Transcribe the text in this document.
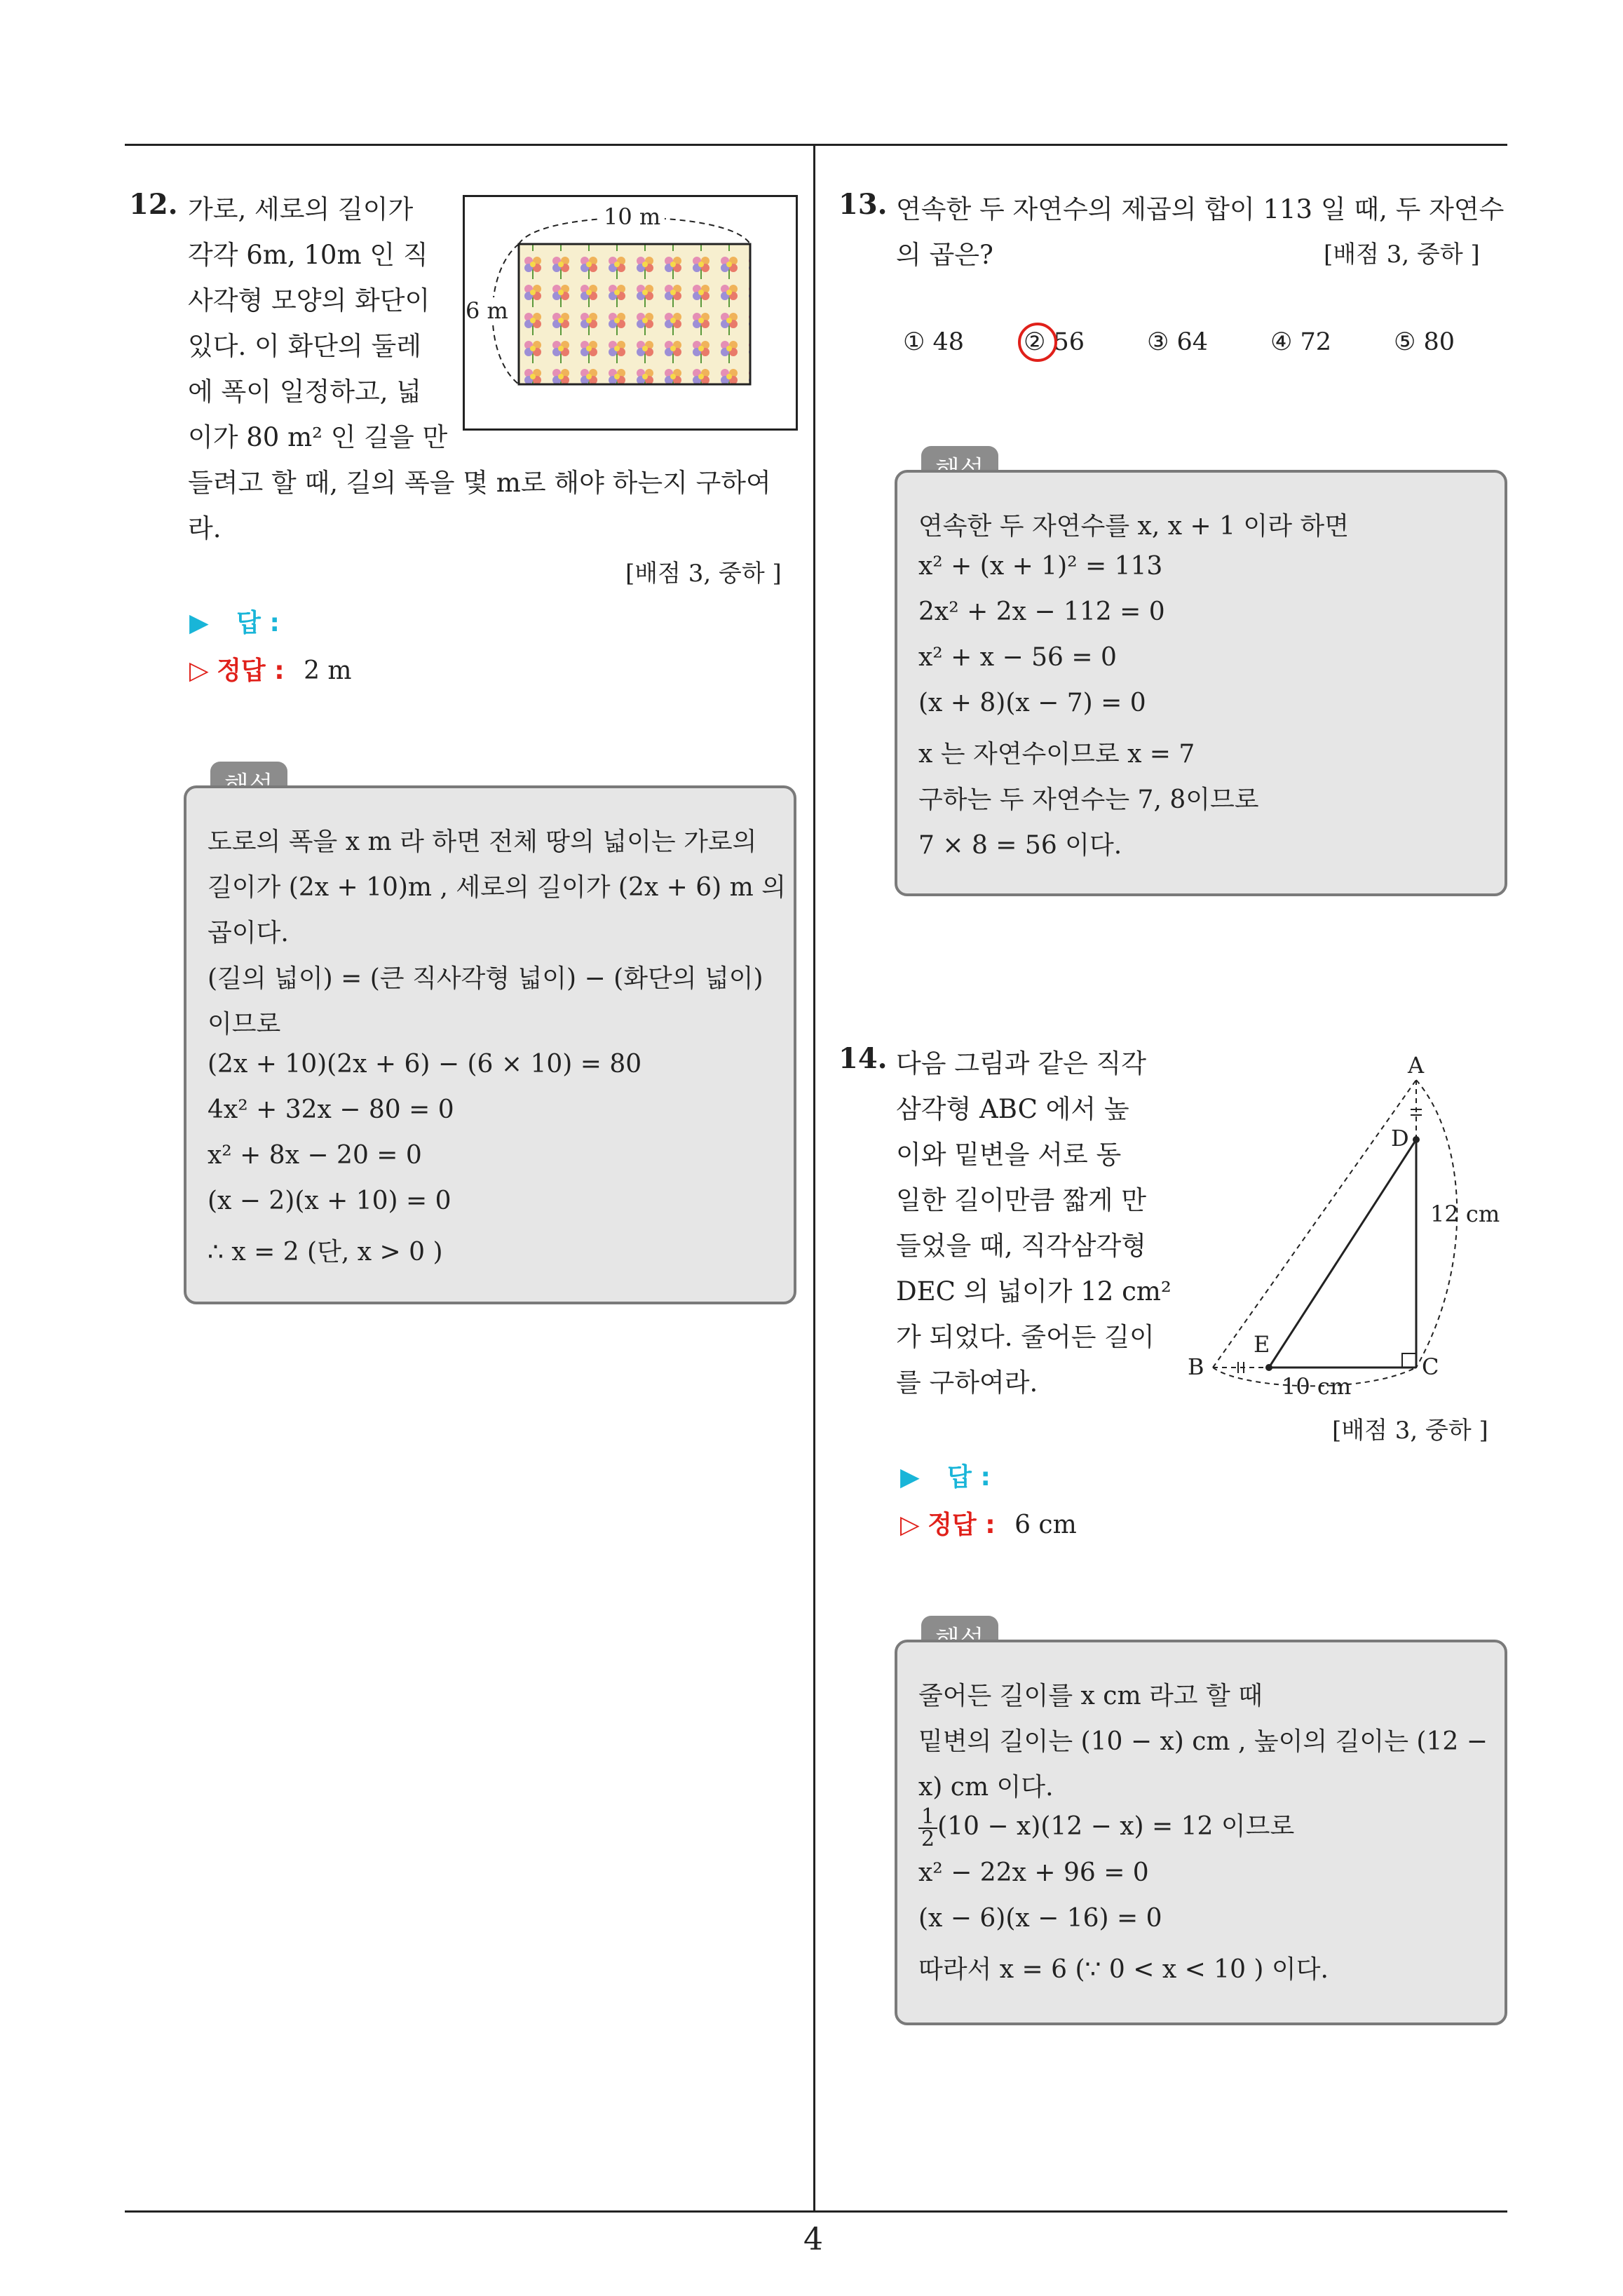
12. 가로, 세로의 길이가
각각 6m, 10m 인 직
사각형 모양의 화단이
있다. 이 화단의 둘레
에 폭이 일정하고, 넓
이가 80 m² 인 길을 만
들려고 할 때, 길의 폭을 몇 m로 해야 하는지 구하여
라.
[배점 3, 중하 ]
10 m
6 m
▶ 답 :
▷ 정답 : 2 m
도로의 폭을 x m 라 하면 전체 땅의 넓이는 가로의
길이가 (2x + 10)m , 세로의 길이가 (2x + 6) m 의
곱이다.
(길의 넓이) = (큰 직사각형 넓이) − (화단의 넓이)
이므로
(2x + 10)(2x + 6) − (6 × 10) = 80
4x² + 32x − 80 = 0
x² + 8x − 20 = 0
(x − 2)(x + 10) = 0
∴ x = 2 (단, x > 0 )
13. 연속한 두 자연수의 제곱의 합이 113 일 때, 두 자연수
의 곱은?	[배점 3, 중하 ]
① 48 ② 56	③ 64	④ 72	⑤ 80
연속한 두 자연수를 x, x + 1 이라 하면
x² + (x + 1)² = 113
2x² + 2x − 112 = 0
x² + x − 56 = 0
(x + 8)(x − 7) = 0
x 는 자연수이므로 x = 7
구하는 두 자연수는 7, 8이므로
7 × 8 = 56 이다.
14. 다음 그림과 같은 직각
삼각형 ABC 에서 높
이와 밑변을 서로 동
일한 길이만큼 짧게 만
들었을 때, 직각삼각형
DEC 의 넓이가 12 cm²
가 되었다. 줄어든 길이
를 구하여라.
[배점 3, 중하 ]
A
D
B
E
C
12 cm
10 cm
▶ 답 :
▷ 정답 : 6 cm
줄어든 길이를 x cm 라고 할 때
밑변의 길이는 (10 − x) cm , 높이의 길이는 (12 −
x) cm 이다.
$\frac{1}{2} (10 - x)(12 - x) = 12$ 이므로
x² − 22x + 96 = 0
(x − 6)(x − 16) = 0
따라서 x = 6 (∵ 0 < x < 10 ) 이다.
4
